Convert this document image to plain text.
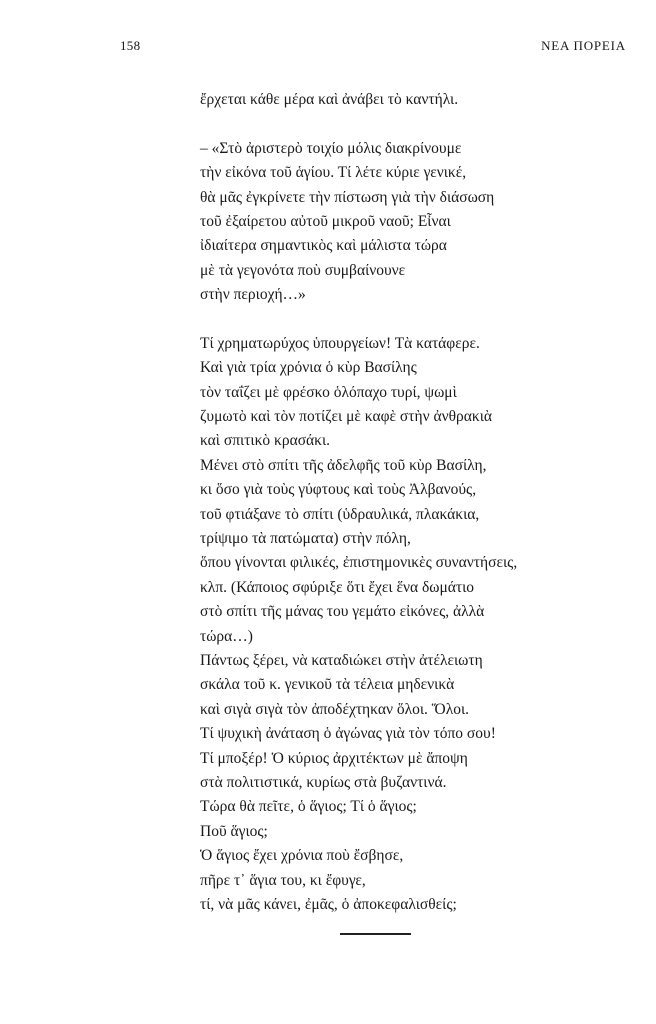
158	ΝΕΑ ΠΟΡΕΙΑ
ἔρχεται κάθε μέρα καὶ ἀνάβει τὸ καντήλι.
– «Στὸ ἀριστερὸ τοιχίο μόλις διακρίνουμε
τὴν εἰκόνα τοῦ ἁγίου. Τί λέτε κύριε γενικέ,
θὰ μᾶς ἐγκρίνετε τὴν πίστωση γιὰ τὴν διάσωση
τοῦ ἐξαίρετου αὐτοῦ μικροῦ ναοῦ; Εἶναι
ἰδιαίτερα σημαντικὸς καὶ μάλιστα τώρα
μὲ τὰ γεγονότα ποὺ συμβαίνουνε
στὴν περιοχή…»
Τί χρηματωρύχος ὑπουργείων! Τὰ κατάφερε.
Καὶ γιὰ τρία χρόνια ὁ κὺρ Βασίλης
τὸν ταΐζει μὲ φρέσκο ὁλόπαχο τυρί, ψωμὶ
ζυμωτὸ καὶ τὸν ποτίζει μὲ καφὲ στὴν ἀνθρακιὰ
καὶ σπιτικὸ κρασάκι.
Μένει στὸ σπίτι τῆς ἀδελφῆς τοῦ κὺρ Βασίλη,
κι ὅσο γιὰ τοὺς γύφτους καὶ τοὺς Ἀλβανούς,
τοῦ φτιάξανε τὸ σπίτι (ὑδραυλικά, πλακάκια,
τρίψιμο τὰ πατώματα) στὴν πόλη,
ὅπου γίνονται φιλικές, ἐπιστημονικὲς συναντήσεις,
κλπ. (Κάποιος σφύριξε ὅτι ἔχει ἕνα δωμάτιο
στὸ σπίτι τῆς μάνας του γεμάτο εἰκόνες, ἀλλὰ
τώρα…)
Πάντως ξέρει, νὰ καταδιώκει στὴν ἀτέλειωτη
σκάλα τοῦ κ. γενικοῦ τὰ τέλεια μηδενικὰ
καὶ σιγὰ σιγὰ τὸν ἀποδέχτηκαν ὅλοι. Ὅλοι.
Τί ψυχικὴ ἀνάταση ὁ ἀγώνας γιὰ τὸν τόπο σου!
Τί μποξέρ! Ὁ κύριος ἀρχιτέκτων μὲ ἄποψη
στὰ πολιτιστικά, κυρίως στὰ βυζαντινά.
Τώρα θὰ πεῖτε, ὁ ἅγιος; Τί ὁ ἅγιος;
Ποῦ ἅγιος;
Ὁ ἅγιος ἔχει χρόνια ποὺ ἔσβησε,
πῆρε τ᾽ ἅγια του, κι ἔφυγε,
τί, νὰ μᾶς κάνει, ἐμᾶς, ὁ ἀποκεφαλισθείς;
